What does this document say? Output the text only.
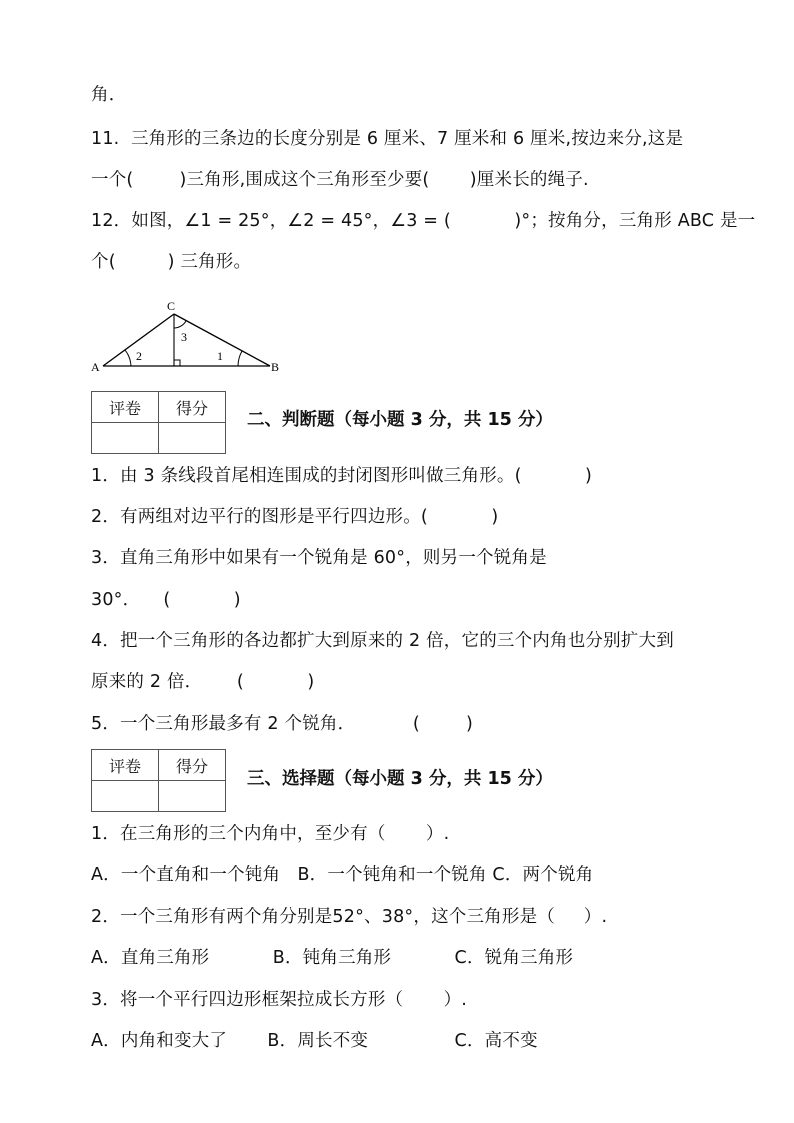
角．
11.  三角形的三条边的长度分别是 6 厘米、7 厘米和 6 厘米,按边来分,这是
一个(        )三角形,围成这个三角形至少要(       )厘米长的绳子.
12．如图，∠1 = 25°，∠2 = 45°，∠3 = (           )°；按角分，三角形 ABC 是一
个(         ) 三角形。
A	B
C
2	1
3
评卷	得分

二、判断题（每小题 3 分，共 15 分）
1．由 3 条线段首尾相连围成的封闭图形叫做三角形。(           )
2．有两组对边平行的图形是平行四边形。(           )
3．直角三角形中如果有一个锐角是 60°，则另一个锐角是
30°．    (           )
4．把一个三角形的各边都扩大到原来的 2 倍，它的三个内角也分别扩大到
原来的 2 倍．      (           )
5．一个三角形最多有 2 个锐角．          (        )
评卷	得分

三、选择题（每小题 3 分，共 15 分）
1．在三角形的三个内角中，至少有（       ）.
A．一个直角和一个钝角   B．一个钝角和一个锐角 C．两个锐角
2．一个三角形有两个角分别是52°、38°，这个三角形是（     ）.
A．直角三角形           B．钝角三角形           C．锐角三角形
3．将一个平行四边形框架拉成长方形（       ）.
A．内角和变大了       B．周长不变               C．高不变
